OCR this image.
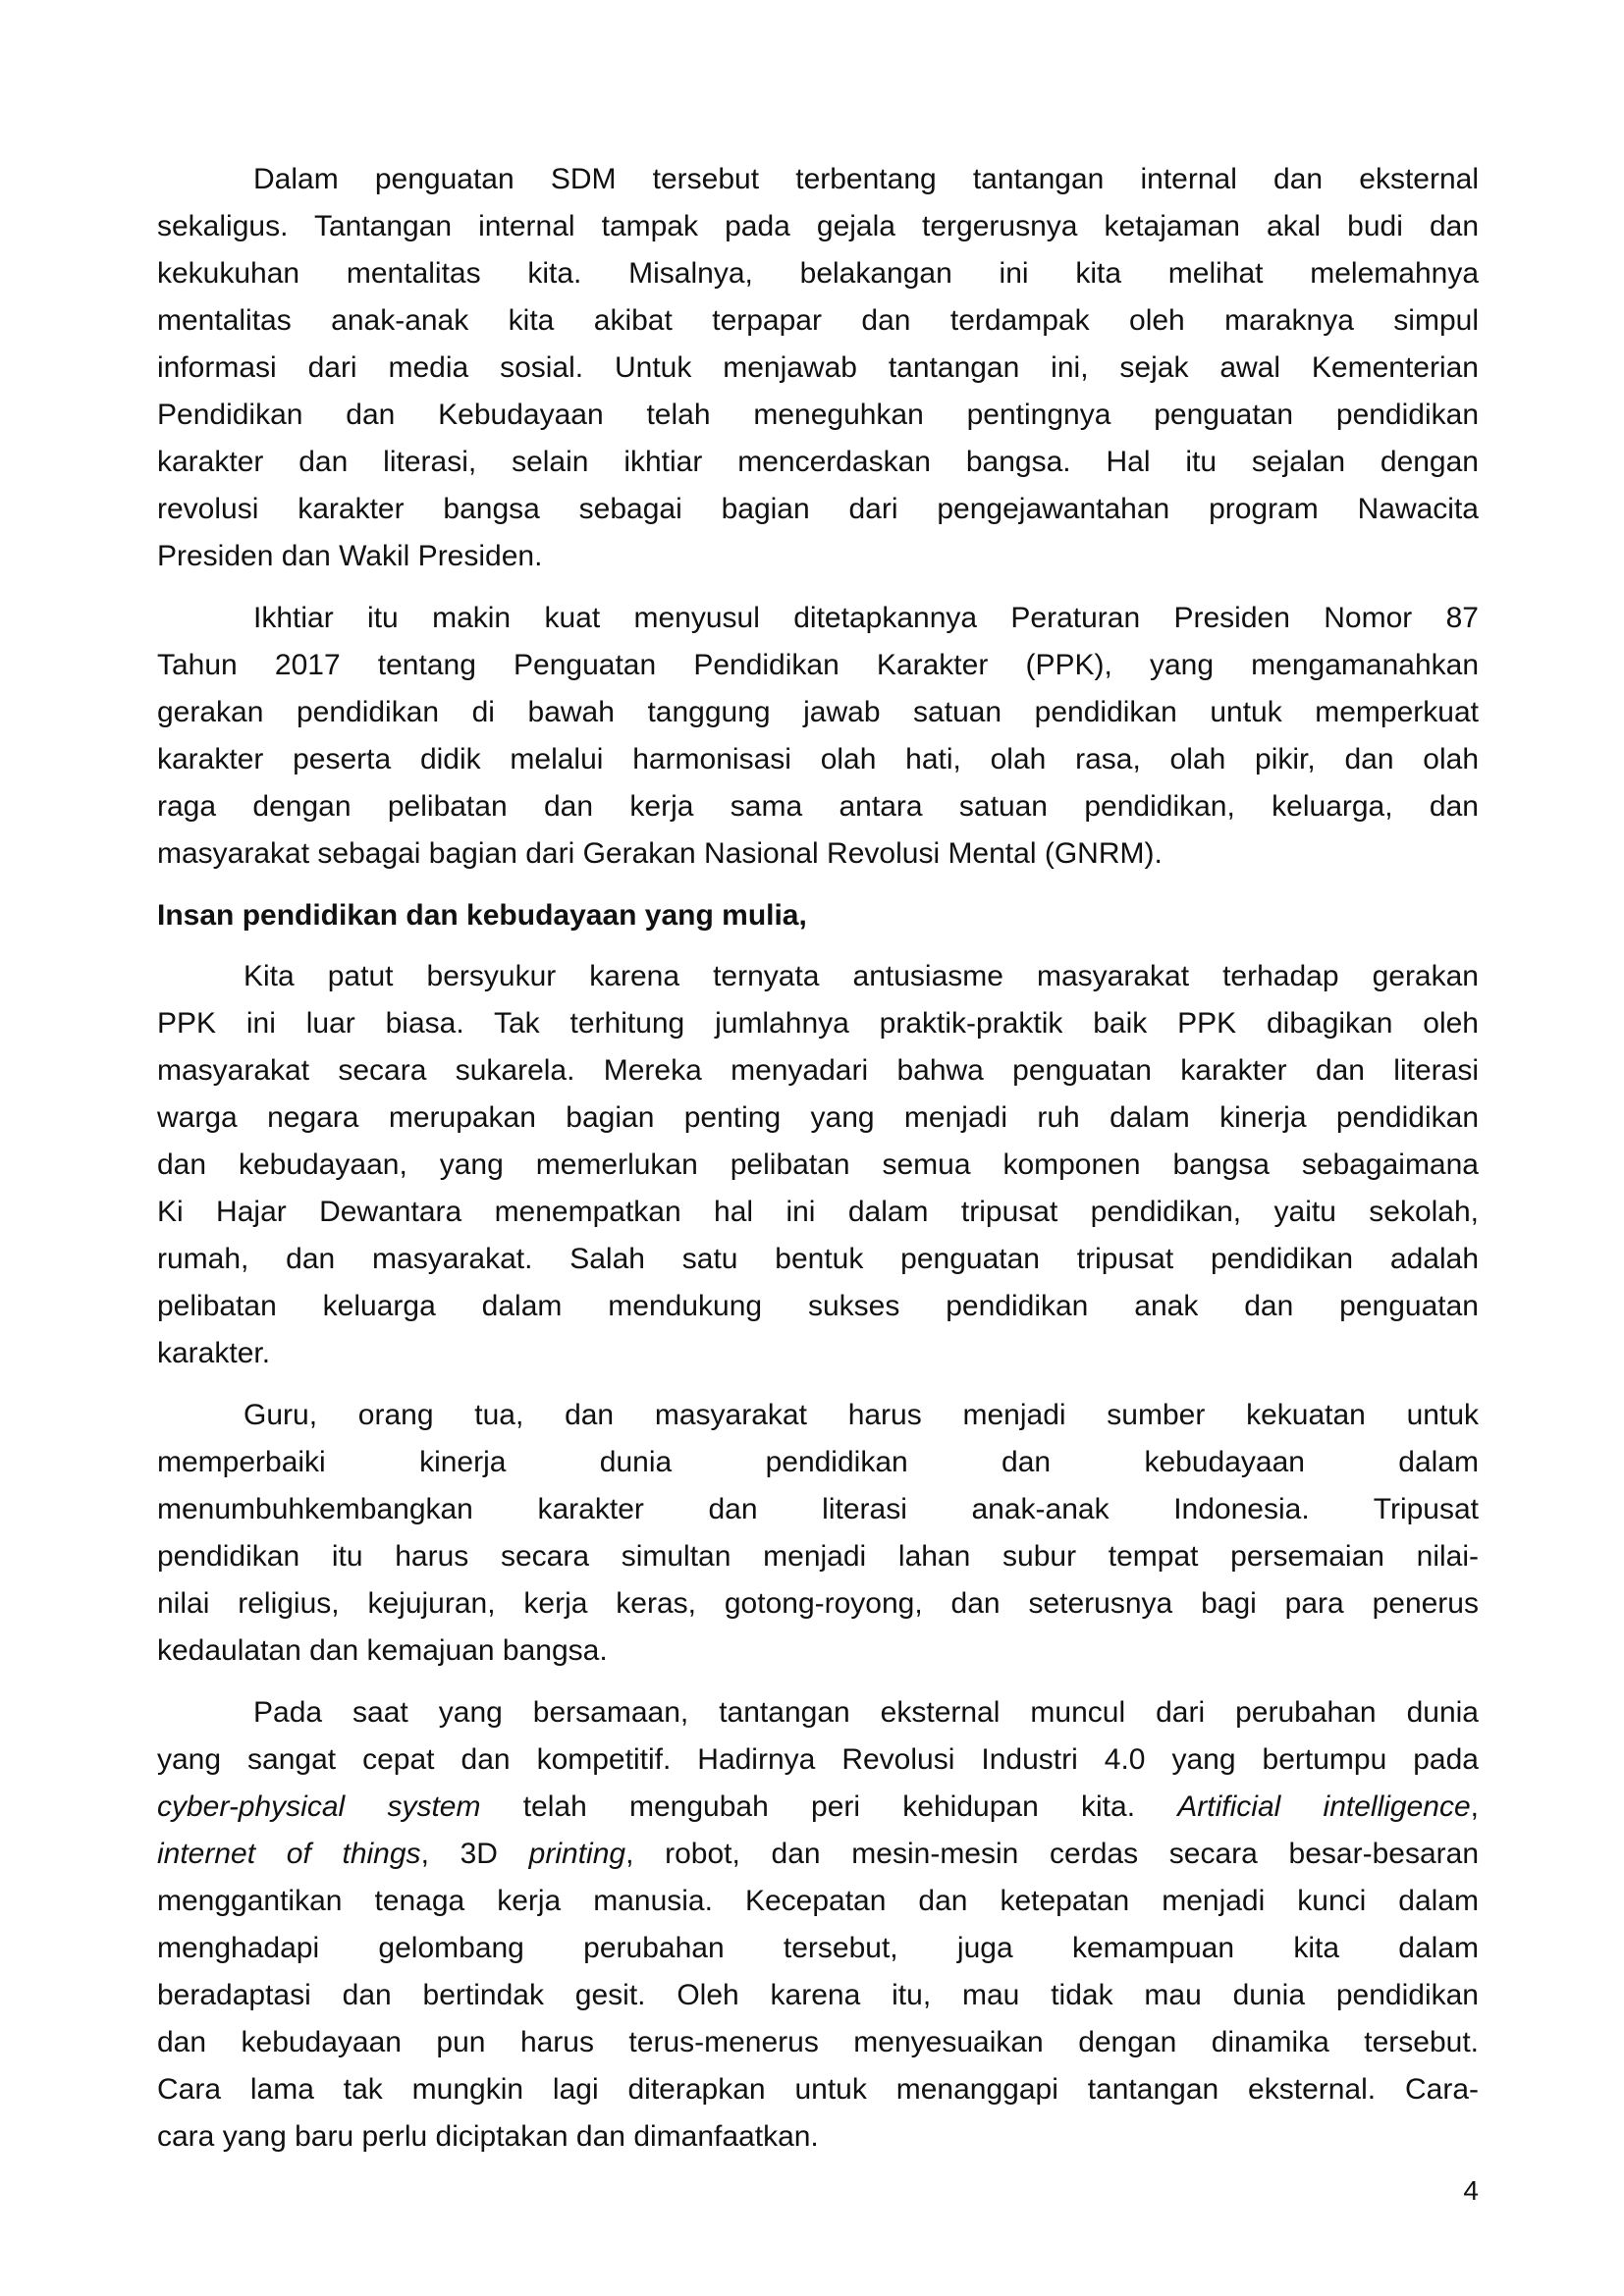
Dalam penguatan SDM tersebut terbentang tantangan internal dan eksternal
sekaligus. Tantangan internal tampak pada gejala tergerusnya ketajaman akal budi dan
kekukuhan mentalitas kita. Misalnya, belakangan ini kita melihat melemahnya
mentalitas anak-anak kita akibat terpapar dan terdampak oleh maraknya simpul
informasi dari media sosial. Untuk menjawab tantangan ini, sejak awal Kementerian
Pendidikan dan Kebudayaan telah meneguhkan pentingnya penguatan pendidikan
karakter dan literasi, selain ikhtiar mencerdaskan bangsa. Hal itu sejalan dengan
revolusi karakter bangsa sebagai bagian dari pengejawantahan program Nawacita
Presiden dan Wakil Presiden.
Ikhtiar itu makin kuat menyusul ditetapkannya Peraturan Presiden Nomor 87
Tahun 2017 tentang Penguatan Pendidikan Karakter (PPK), yang mengamanahkan
gerakan pendidikan di bawah tanggung jawab satuan pendidikan untuk memperkuat
karakter peserta didik melalui harmonisasi olah hati, olah rasa, olah pikir, dan olah
raga dengan pelibatan dan kerja sama antara satuan pendidikan, keluarga, dan
masyarakat sebagai bagian dari Gerakan Nasional Revolusi Mental (GNRM).
Insan pendidikan dan kebudayaan yang mulia,
Kita patut bersyukur karena ternyata antusiasme masyarakat terhadap gerakan
PPK ini luar biasa. Tak terhitung jumlahnya praktik-praktik baik PPK dibagikan oleh
masyarakat secara sukarela. Mereka menyadari bahwa penguatan karakter dan literasi
warga negara merupakan bagian penting yang menjadi ruh dalam kinerja pendidikan
dan kebudayaan, yang memerlukan pelibatan semua komponen bangsa sebagaimana
Ki Hajar Dewantara menempatkan hal ini dalam tripusat pendidikan, yaitu sekolah,
rumah, dan masyarakat. Salah satu bentuk penguatan tripusat pendidikan adalah
pelibatan keluarga dalam mendukung sukses pendidikan anak dan penguatan
karakter.
Guru, orang tua, dan masyarakat harus menjadi sumber kekuatan untuk
memperbaiki kinerja dunia pendidikan dan kebudayaan dalam
menumbuhkembangkan karakter dan literasi anak-anak Indonesia. Tripusat
pendidikan itu harus secara simultan menjadi lahan subur tempat persemaian nilai-
nilai religius, kejujuran, kerja keras, gotong-royong, dan seterusnya bagi para penerus
kedaulatan dan kemajuan bangsa.
Pada saat yang bersamaan, tantangan eksternal muncul dari perubahan dunia
yang sangat cepat dan kompetitif. Hadirnya Revolusi Industri 4.0 yang bertumpu pada
cyber-physical system telah mengubah peri kehidupan kita. Artificial intelligence,
internet of things, 3D printing, robot, dan mesin-mesin cerdas secara besar-besaran
menggantikan tenaga kerja manusia. Kecepatan dan ketepatan menjadi kunci dalam
menghadapi gelombang perubahan tersebut, juga kemampuan kita dalam
beradaptasi dan bertindak gesit. Oleh karena itu, mau tidak mau dunia pendidikan
dan kebudayaan pun harus terus-menerus menyesuaikan dengan dinamika tersebut.
Cara lama tak mungkin lagi diterapkan untuk menanggapi tantangan eksternal. Cara-
cara yang baru perlu diciptakan dan dimanfaatkan.
4
